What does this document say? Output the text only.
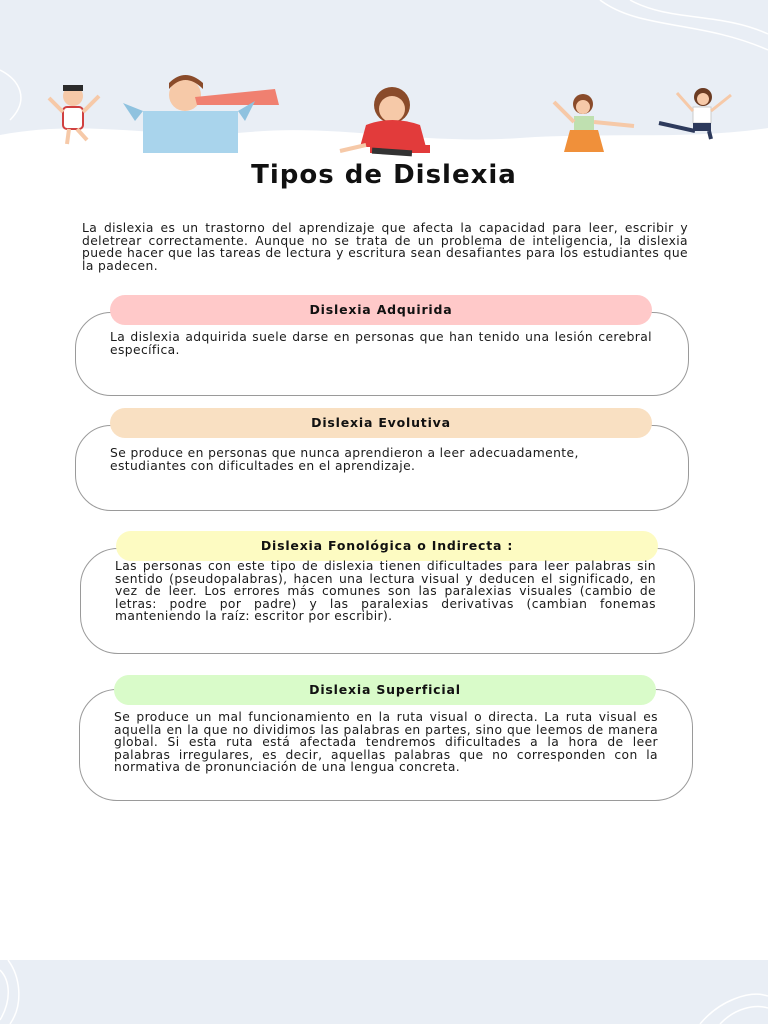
Tipos de Dislexia
La dislexia es un trastorno del aprendizaje que afecta la capacidad para leer, escribir y deletrear correctamente. Aunque no se trata de un problema de inteligencia, la dislexia puede hacer que las tareas de lectura y escritura sean desafiantes para los estudiantes que la padecen.
Dislexia Adquirida
La dislexia adquirida suele darse en personas que han tenido una lesión cerebral específica.
Dislexia Evolutiva
Se produce en personas que nunca aprendieron a leer adecuadamente, estudiantes con dificultades en el aprendizaje.
Dislexia Fonológica o Indirecta :
Las personas con este tipo de dislexia tienen dificultades para leer palabras sin sentido (pseudopalabras), hacen una lectura visual y deducen el significado, en vez de leer. Los errores más comunes son las paralexias visuales (cambio de letras: podre por padre) y las paralexias derivativas (cambian fonemas manteniendo la raíz: escritor por escribir).
Dislexia Superficial
Se produce un mal funcionamiento en la ruta visual o directa. La ruta visual es aquella en la que no dividimos las palabras en partes, sino que leemos de manera global. Si esta ruta está afectada tendremos dificultades a la hora de leer palabras irregulares, es decir, aquellas palabras que no corresponden con la normativa de pronunciación de una lengua concreta.
